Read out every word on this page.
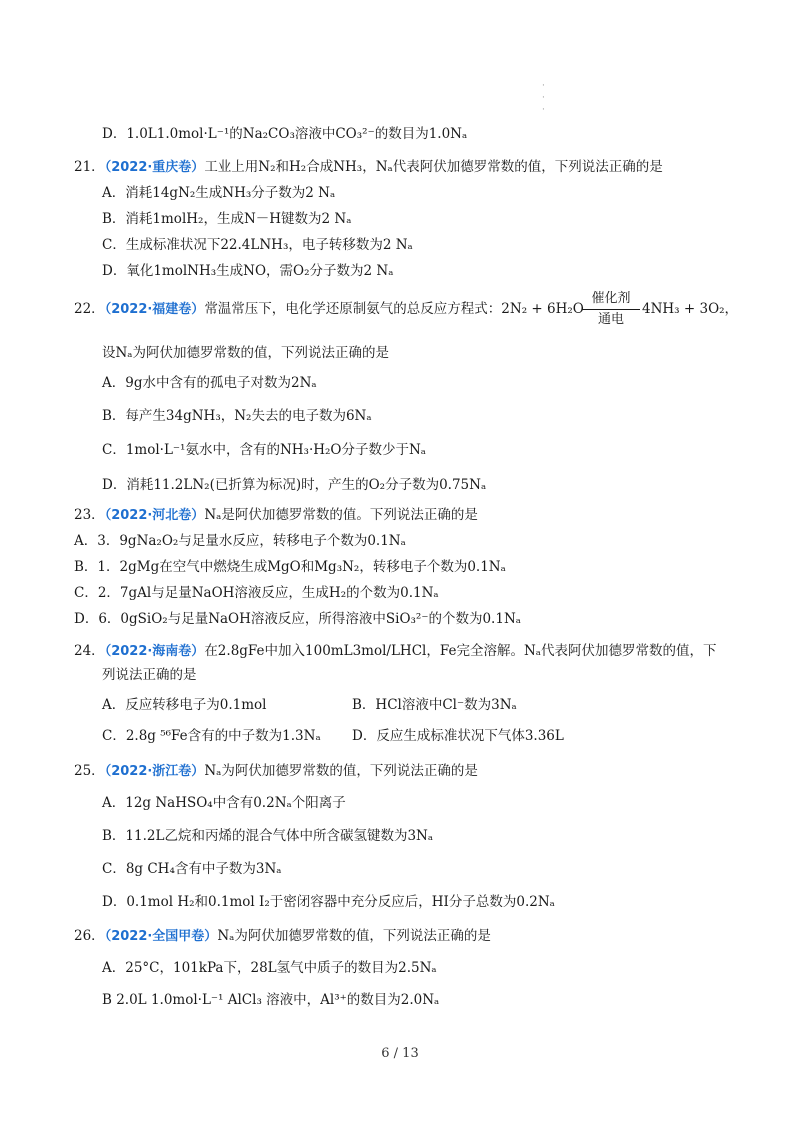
·
·
·
D．1.0L1.0mol·L⁻¹的Na₂CO₃溶液中CO₃²⁻的数目为1.0Nₐ
21．（2022·重庆卷）工业上用N₂和H₂合成NH₃，Nₐ代表阿伏加德罗常数的值，下列说法正确的是
A．消耗14gN₂生成NH₃分子数为2 Nₐ
B．消耗1molH₂，生成N－H键数为2 Nₐ
C．生成标准状况下22.4LNH₃，电子转移数为2 Nₐ
D．氧化1molNH₃生成NO，需O₂分子数为2 Nₐ
22．（2022·福建卷）常温常压下，电化学还原制氨气的总反应方程式：2N₂ + 6H₂O
催化剂
通电
4NH₃ + 3O₂，
设Nₐ为阿伏加德罗常数的值，下列说法正确的是
A．9g水中含有的孤电子对数为2Nₐ
B．每产生34gNH₃，N₂失去的电子数为6Nₐ
C．1mol·L⁻¹氨水中，含有的NH₃·H₂O分子数少于Nₐ
D．消耗11.2LN₂(已折算为标况)时，产生的O₂分子数为0.75Nₐ
23．（2022·河北卷）Nₐ是阿伏加德罗常数的值。下列说法正确的是
A．3．9gNa₂O₂与足量水反应，转移电子个数为0.1Nₐ
B．1．2gMg在空气中燃烧生成MgO和Mg₃N₂，转移电子个数为0.1Nₐ
C．2．7gAl与足量NaOH溶液反应，生成H₂的个数为0.1Nₐ
D．6．0gSiO₂与足量NaOH溶液反应，所得溶液中SiO₃²⁻的个数为0.1Nₐ
24．（2022·海南卷）在2.8gFe中加入100mL3mol/LHCl，Fe完全溶解。Nₐ代表阿伏加德罗常数的值，下
列说法正确的是
A．反应转移电子为0.1mol	B．HCl溶液中Cl⁻数为3Nₐ
C．2.8g ⁵⁶Fe含有的中子数为1.3Nₐ D．反应生成标准状况下气体3.36L
25．（2022·浙江卷）Nₐ为阿伏加德罗常数的值，下列说法正确的是
A．12g NaHSO₄中含有0.2Nₐ个阳离子
B．11.2L乙烷和丙烯的混合气体中所含碳氢键数为3Nₐ
C．8g CH₄含有中子数为3Nₐ
D．0.1mol H₂和0.1mol I₂于密闭容器中充分反应后，HI分子总数为0.2Nₐ
26．（2022·全国甲卷）Nₐ为阿伏加德罗常数的值，下列说法正确的是
A．25°C，101kPa下，28L氢气中质子的数目为2.5Nₐ
B 2.0L 1.0mol·L⁻¹ AlCl₃ 溶液中，Al³⁺的数目为2.0Nₐ
6 / 13
